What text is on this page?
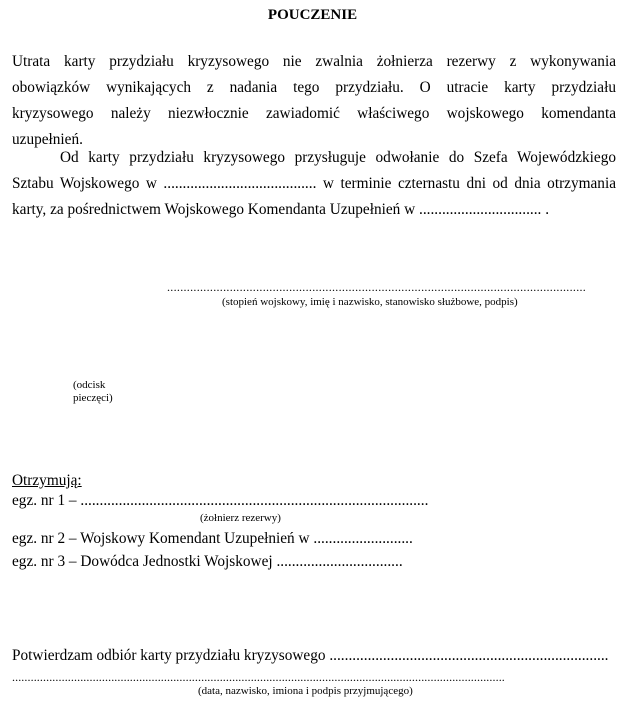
POUCZENIE
Utrata karty przydziału kryzysowego nie zwalnia żołnierza rezerwy z wykonywania
obowiązków wynikających z nadania tego przydziału. O utracie karty przydziału
kryzysowego należy niezwłocznie zawiadomić właściwego wojskowego komendanta
uzupełnień.
Od karty przydziału kryzysowego przysługuje odwołanie do Szefa Wojewódzkiego
Sztabu Wojskowego w ........................................ w terminie czternastu dni od dnia otrzymania
karty, za pośrednictwem Wojskowego Komendanta Uzupełnień w ................................ .
...............................................................................................................................
(stopień wojskowy, imię i nazwisko, stanowisko służbowe, podpis)
(odcisk
pieczęci)
Otrzymują:
egz. nr 1 – ...........................................................................................
(żołnierz rezerwy)
egz. nr 2 – Wojskowy Komendant Uzupełnień w ..........................
egz. nr 3 – Dowódca Jednostki Wojskowej .................................
Potwierdzam odbiór karty przydziału kryzysowego .........................................................................
...............................................................................................................................................................
(data, nazwisko, imiona i podpis przyjmującego)
